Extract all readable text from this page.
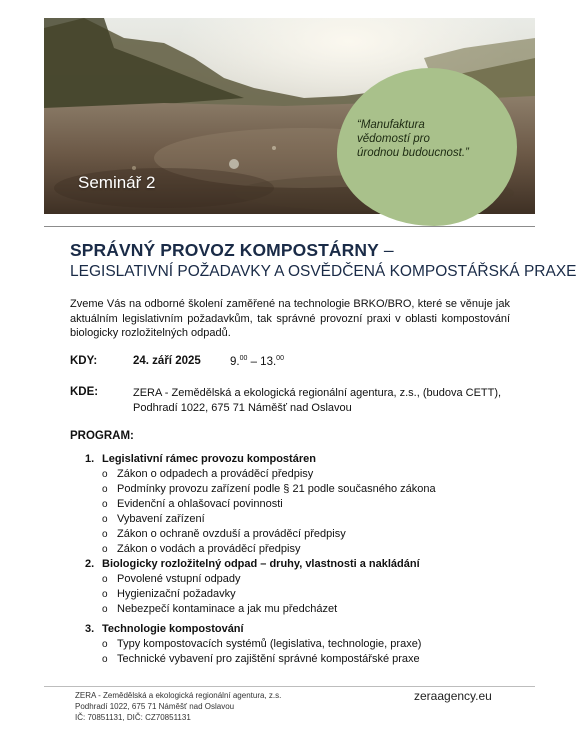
Seminář 2
“Manufaktura
vědomostí pro
úrodnou budoucnost.”
SPRÁVNÝ PROVOZ KOMPOSTÁRNY –
LEGISLATIVNÍ POŽADAVKY A OSVĚDČENÁ KOMPOSTÁŘSKÁ PRAXE
Zveme Vás na odborné školení zaměřené na technologie BRKO/BRO, které se věnuje jak aktuálním legislativním požadavkům, tak správné provozní praxi v oblasti kompostování biologicky rozložitelných odpadů.
KDY:	24. září 2025	9.00 – 13.00
KDE:	ZERA - Zemědělská a ekologická regionální agentura, z.s., (budova CETT),
Podhradí 1022, 675 71 Náměšť nad Oslavou
PROGRAM:
1. Legislativní rámec provozu kompostáren
o Zákon o odpadech a prováděcí předpisy
o Podmínky provozu zařízení podle § 21 podle současného zákona
o Evidenční a ohlašovací povinnosti
o Vybavení zařízení
o Zákon o ochraně ovzduší a prováděcí předpisy
o Zákon o vodách a prováděcí předpisy
2. Biologicky rozložitelný odpad – druhy, vlastnosti a nakládání
o Povolené vstupní odpady
o Hygienizační požadavky
o Nebezpečí kontaminace a jak mu předcházet
3. Technologie kompostování
o Typy kompostovacích systémů (legislativa, technologie, praxe)
o Technické vybavení pro zajištění správné kompostářské praxe
ZERA - Zemědělská a ekologická regionální agentura, z.s.
Podhradí 1022, 675 71 Náměšť nad Oslavou
IČ: 70851131, DIČ: CZ70851131
zeraagency.eu
